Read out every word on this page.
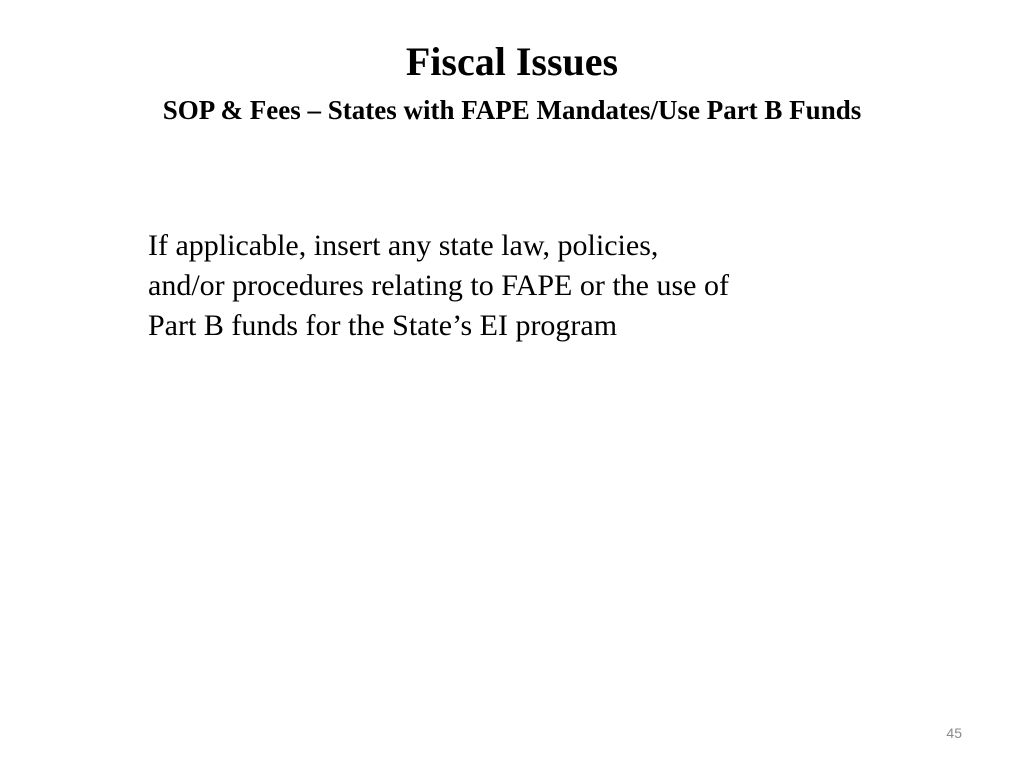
Fiscal Issues
SOP & Fees – States with FAPE Mandates/Use Part B Funds
If applicable, insert any state law, policies,
and/or procedures relating to FAPE or the use of
Part B funds for the State’s EI program
45
